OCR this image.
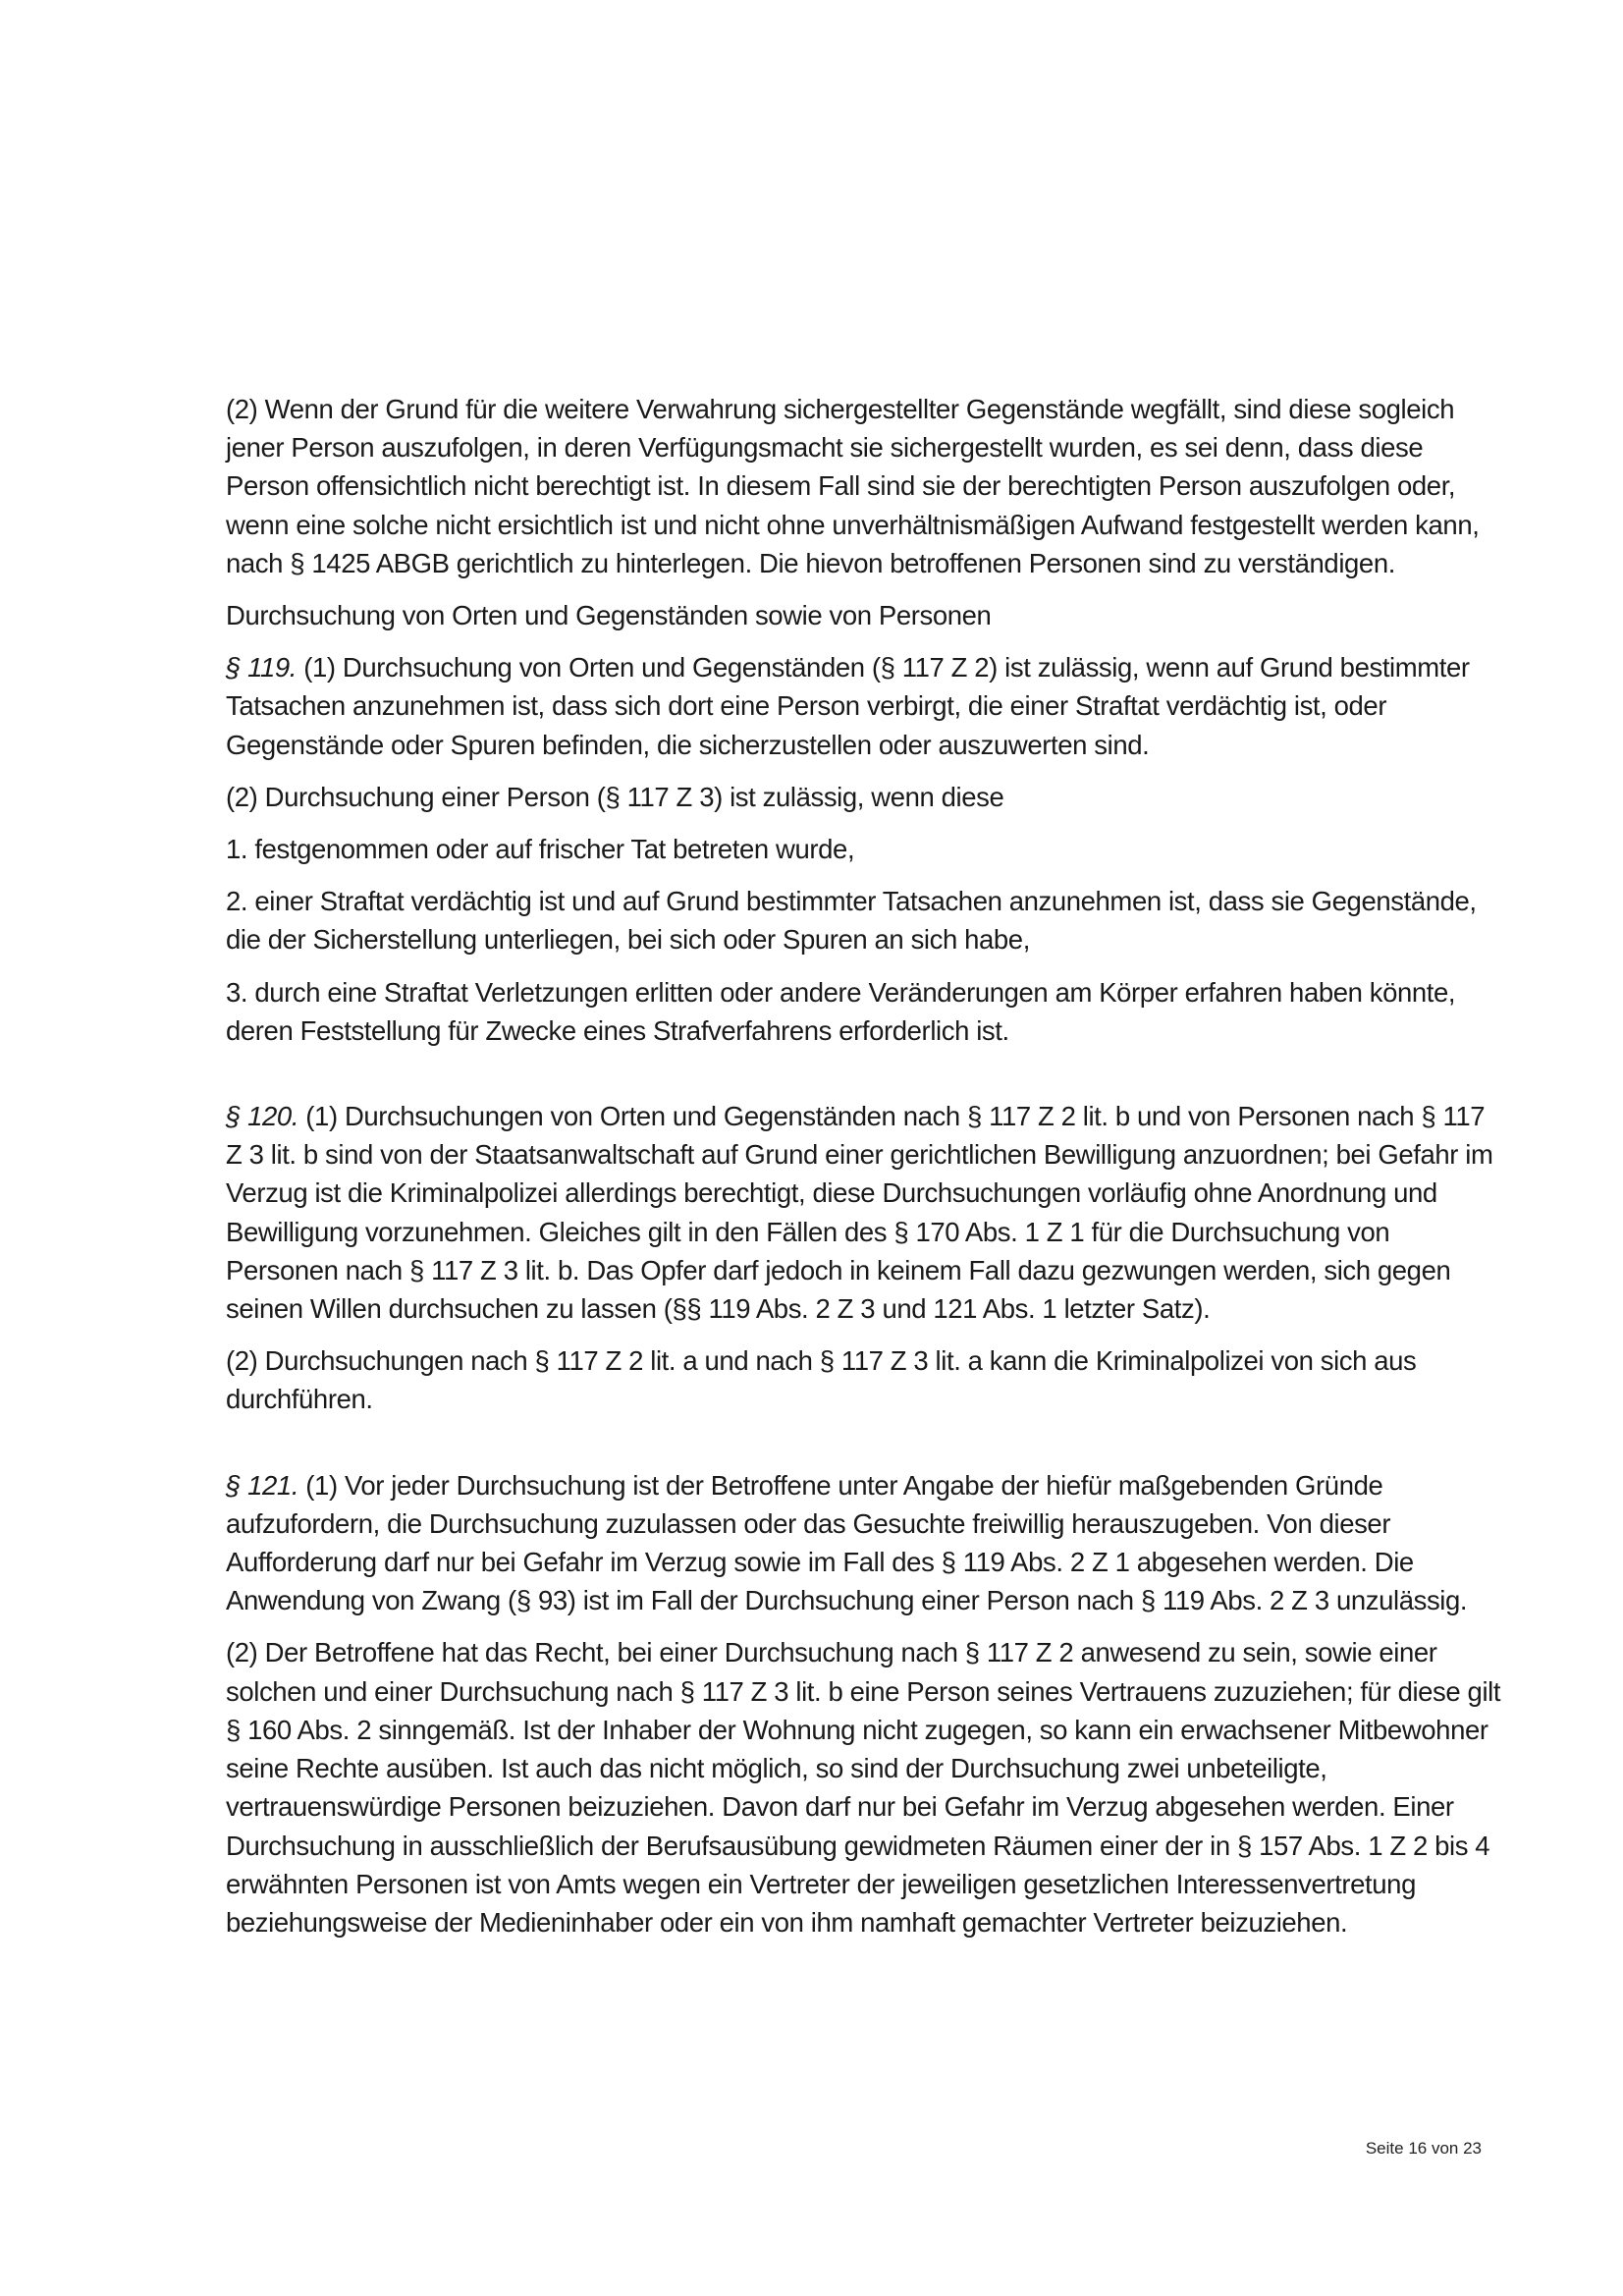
(2) Wenn der Grund für die weitere Verwahrung sichergestellter Gegenstände wegfällt, sind diese sogleich jener Person auszufolgen, in deren Verfügungsmacht sie sichergestellt wurden, es sei denn, dass diese Person offensichtlich nicht berechtigt ist. In diesem Fall sind sie der berechtigten Person auszufolgen oder, wenn eine solche nicht ersichtlich ist und nicht ohne unverhältnismäßigen Aufwand festgestellt werden kann, nach § 1425 ABGB gerichtlich zu hinterlegen. Die hievon betroffenen Personen sind zu verständigen.

Durchsuchung von Orten und Gegenständen sowie von Personen

§ 119. (1) Durchsuchung von Orten und Gegenständen (§ 117 Z 2) ist zulässig, wenn auf Grund bestimmter Tatsachen anzunehmen ist, dass sich dort eine Person verbirgt, die einer Straftat verdächtig ist, oder Gegenstände oder Spuren befinden, die sicherzustellen oder auszuwerten sind.

(2) Durchsuchung einer Person (§ 117 Z 3) ist zulässig, wenn diese

1. festgenommen oder auf frischer Tat betreten wurde,

2. einer Straftat verdächtig ist und auf Grund bestimmter Tatsachen anzunehmen ist, dass sie Gegenstände, die der Sicherstellung unterliegen, bei sich oder Spuren an sich habe,

3. durch eine Straftat Verletzungen erlitten oder andere Veränderungen am Körper erfahren haben könnte, deren Feststellung für Zwecke eines Strafverfahrens erforderlich ist.

§ 120. (1) Durchsuchungen von Orten und Gegenständen nach § 117 Z 2 lit. b und von Personen nach § 117 Z 3 lit. b sind von der Staatsanwaltschaft auf Grund einer gerichtlichen Bewilligung anzuordnen; bei Gefahr im Verzug ist die Kriminalpolizei allerdings berechtigt, diese Durchsuchungen vorläufig ohne Anordnung und Bewilligung vorzunehmen. Gleiches gilt in den Fällen des § 170 Abs. 1 Z 1 für die Durchsuchung von Personen nach § 117 Z 3 lit. b. Das Opfer darf jedoch in keinem Fall dazu gezwungen werden, sich gegen seinen Willen durchsuchen zu lassen (§§ 119 Abs. 2 Z 3 und 121 Abs. 1 letzter Satz).

(2) Durchsuchungen nach § 117 Z 2 lit. a und nach § 117 Z 3 lit. a kann die Kriminalpolizei von sich aus durchführen.

§ 121. (1) Vor jeder Durchsuchung ist der Betroffene unter Angabe der hiefür maßgebenden Gründe aufzufordern, die Durchsuchung zuzulassen oder das Gesuchte freiwillig herauszugeben. Von dieser Aufforderung darf nur bei Gefahr im Verzug sowie im Fall des § 119 Abs. 2 Z 1 abgesehen werden. Die Anwendung von Zwang (§ 93) ist im Fall der Durchsuchung einer Person nach § 119 Abs. 2 Z 3 unzulässig.

(2) Der Betroffene hat das Recht, bei einer Durchsuchung nach § 117 Z 2 anwesend zu sein, sowie einer solchen und einer Durchsuchung nach § 117 Z 3 lit. b eine Person seines Vertrauens zuzuziehen; für diese gilt § 160 Abs. 2 sinngemäß. Ist der Inhaber der Wohnung nicht zugegen, so kann ein erwachsener Mitbewohner seine Rechte ausüben. Ist auch das nicht möglich, so sind der Durchsuchung zwei unbeteiligte, vertrauenswürdige Personen beizuziehen. Davon darf nur bei Gefahr im Verzug abgesehen werden. Einer Durchsuchung in ausschließlich der Berufsausübung gewidmeten Räumen einer der in § 157 Abs. 1 Z 2 bis 4 erwähnten Personen ist von Amts wegen ein Vertreter der jeweiligen gesetzlichen Interessenvertretung beziehungsweise der Medieninhaber oder ein von ihm namhaft gemachter Vertreter beizuziehen.

Seite 16 von 23
